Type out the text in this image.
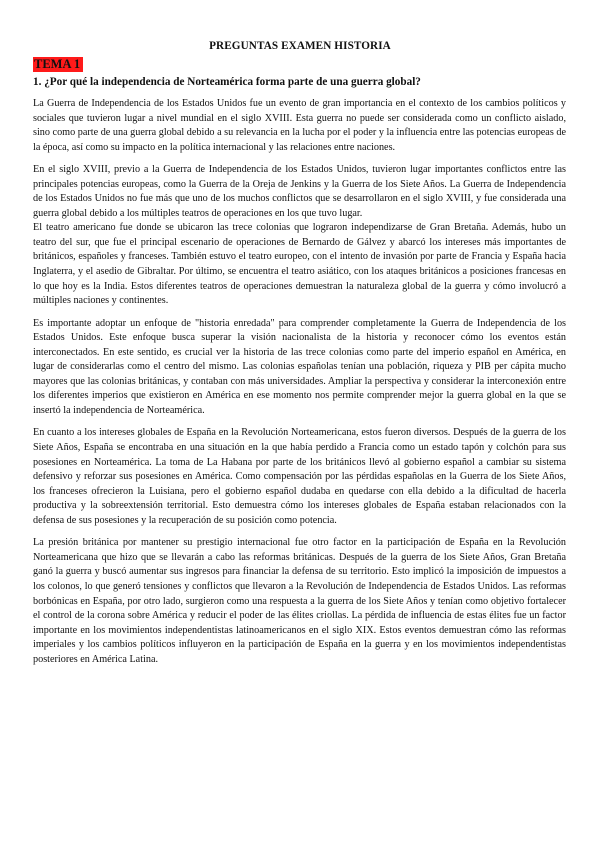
PREGUNTAS EXAMEN HISTORIA
TEMA 1
1. ¿Por qué la independencia de Norteamérica forma parte de una guerra global?

La Guerra de Independencia de los Estados Unidos fue un evento de gran importancia en el contexto de los cambios políticos y sociales que tuvieron lugar a nivel mundial en el siglo XVIII. Esta guerra no puede ser considerada como un conflicto aislado, sino como parte de una guerra global debido a su relevancia en la lucha por el poder y la influencia entre las potencias europeas de la época, así como su impacto en la política internacional y las relaciones entre naciones.

En el siglo XVIII, previo a la Guerra de Independencia de los Estados Unidos, tuvieron lugar importantes conflictos entre las principales potencias europeas, como la Guerra de la Oreja de Jenkins y la Guerra de los Siete Años. La Guerra de Independencia de los Estados Unidos no fue más que uno de los muchos conflictos que se desarrollaron en el siglo XVIII, y fue considerada una guerra global debido a los múltiples teatros de operaciones en los que tuvo lugar.

El teatro americano fue donde se ubicaron las trece colonias que lograron independizarse de Gran Bretaña. Además, hubo un teatro del sur, que fue el principal escenario de operaciones de Bernardo de Gálvez y abarcó los intereses más importantes de británicos, españoles y franceses. También estuvo el teatro europeo, con el intento de invasión por parte de Francia y España hacia Inglaterra, y el asedio de Gibraltar. Por último, se encuentra el teatro asiático, con los ataques británicos a posiciones francesas en lo que hoy es la India. Estos diferentes teatros de operaciones demuestran la naturaleza global de la guerra y cómo involucró a múltiples naciones y continentes.

Es importante adoptar un enfoque de "historia enredada" para comprender completamente la Guerra de Independencia de los Estados Unidos. Este enfoque busca superar la visión nacionalista de la historia y reconocer cómo los eventos están interconectados. En este sentido, es crucial ver la historia de las trece colonias como parte del imperio español en América, en lugar de considerarlas como el centro del mismo. Las colonias españolas tenían una población, riqueza y PIB per cápita mucho mayores que las colonias británicas, y contaban con más universidades. Ampliar la perspectiva y considerar la interconexión entre los diferentes imperios que existieron en América en ese momento nos permite comprender mejor la guerra global en la que se insertó la independencia de Norteamérica.

En cuanto a los intereses globales de España en la Revolución Norteamericana, estos fueron diversos. Después de la guerra de los Siete Años, España se encontraba en una situación en la que había perdido a Francia como un estado tapón y colchón para sus posesiones en Norteamérica. La toma de La Habana por parte de los británicos llevó al gobierno español a cambiar su sistema defensivo y reforzar sus posesiones en América. Como compensación por las pérdidas españolas en la Guerra de los Siete Años, los franceses ofrecieron la Luisiana, pero el gobierno español dudaba en quedarse con ella debido a la dificultad de hacerla productiva y la sobreextensión territorial. Esto demuestra cómo los intereses globales de España estaban relacionados con la defensa de sus posesiones y la recuperación de su posición como potencia.

La presión británica por mantener su prestigio internacional fue otro factor en la participación de España en la Revolución Norteamericana que hizo que se llevarán a cabo las reformas británicas. Después de la guerra de los Siete Años, Gran Bretaña ganó la guerra y buscó aumentar sus ingresos para financiar la defensa de su territorio. Esto implicó la imposición de impuestos a los colonos, lo que generó tensiones y conflictos que llevaron a la Revolución de Independencia de Estados Unidos. Las reformas borbónicas en España, por otro lado, surgieron como una respuesta a la guerra de los Siete Años y tenían como objetivo fortalecer el control de la corona sobre América y reducir el poder de las élites criollas. La pérdida de influencia de estas élites fue un factor importante en los movimientos independentistas latinoamericanos en el siglo XIX. Estos eventos demuestran cómo las reformas imperiales y los cambios políticos influyeron en la participación de España en la guerra y en los movimientos independentistas posteriores en América Latina.
